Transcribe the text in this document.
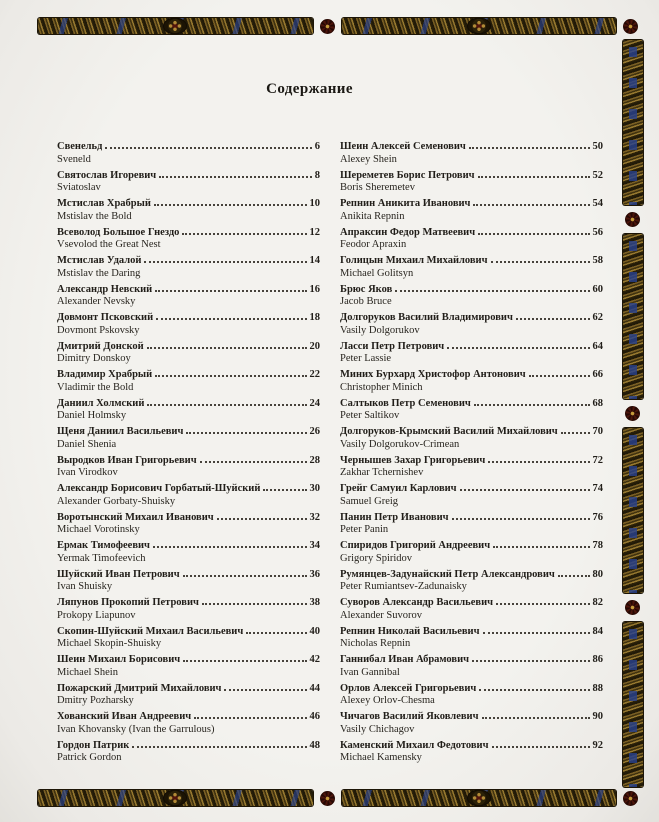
Содержание
Свенельд	6
Sveneld
Святослав Игоревич	8
Sviatoslav
Мстислав Храбрый	10
Mstislav the Bold
Всеволод Большое Гнездо	12
Vsevolod the Great Nest
Мстислав Удалой	14
Mstislav the Daring
Александр Невский	16
Alexander Nevsky
Довмонт Псковский	18
Dovmont Pskovsky
Дмитрий Донской	20
Dimitry Donskoy
Владимир Храбрый	22
Vladimir the Bold
Даниил Холмский	24
Daniel Holmsky
Щеня Даниил Васильевич	26
Daniel Shenia
Выродков Иван Григорьевич	28
Ivan Virodkov
Александр Борисович Горбатый-Шуйский	30
Alexander Gorbaty-Shuisky
Воротынский Михаил Иванович	32
Michael Vorotinsky
Ермак Тимофеевич	34
Yermak Timofeevich
Шуйский Иван Петрович	36
Ivan Shuisky
Ляпунов Прокопий Петрович	38
Prokopy Liapunov
Скопин-Шуйский Михаил Васильевич	40
Michael Skopin-Shuisky
Шеин Михаил Борисович	42
Michael Shein
Пожарский Дмитрий Михайлович	44
Dmitry Pozharsky
Хованский Иван Андреевич	46
Ivan Khovansky (Ivan the Garrulous)
Гордон Патрик	48
Patrick Gordon
Шеин Алексей Семенович	50
Alexey Shein
Шереметев Борис Петрович	52
Boris Sheremetev
Репнин Аникита Иванович	54
Anikita Repnin
Апраксин Федор Матвеевич	56
Feodor Apraxin
Голицын Михаил Михайлович	58
Michael Golitsyn
Брюс Яков	60
Jacob Bruce
Долгоруков Василий Владимирович	62
Vasily Dolgorukov
Ласси Петр Петрович	64
Peter Lassie
Миних Бурхард Христофор Антонович	66
Christopher Minich
Салтыков Петр Семенович	68
Peter Saltikov
Долгоруков-Крымский Василий Михайлович	70
Vasily Dolgorukov-Crimean
Чернышев Захар Григорьевич	72
Zakhar Tchernishev
Грейг Самуил Карлович	74
Samuel Greig
Панин Петр Иванович	76
Peter Panin
Спиридов Григорий Андреевич	78
Grigory Spiridov
Румянцев-Задунайский Петр Александрович	80
Peter Rumiantsev-Zadunaisky
Суворов Александр Васильевич	82
Alexander Suvorov
Репнин Николай Васильевич	84
Nicholas Repnin
Ганнибал Иван Абрамович	86
Ivan Gannibal
Орлов Алексей Григорьевич	88
Alexey Orlov-Chesma
Чичагов Василий Яковлевич	90
Vasily Chichagov
Каменский Михаил Федотович	92
Michael Kamensky
